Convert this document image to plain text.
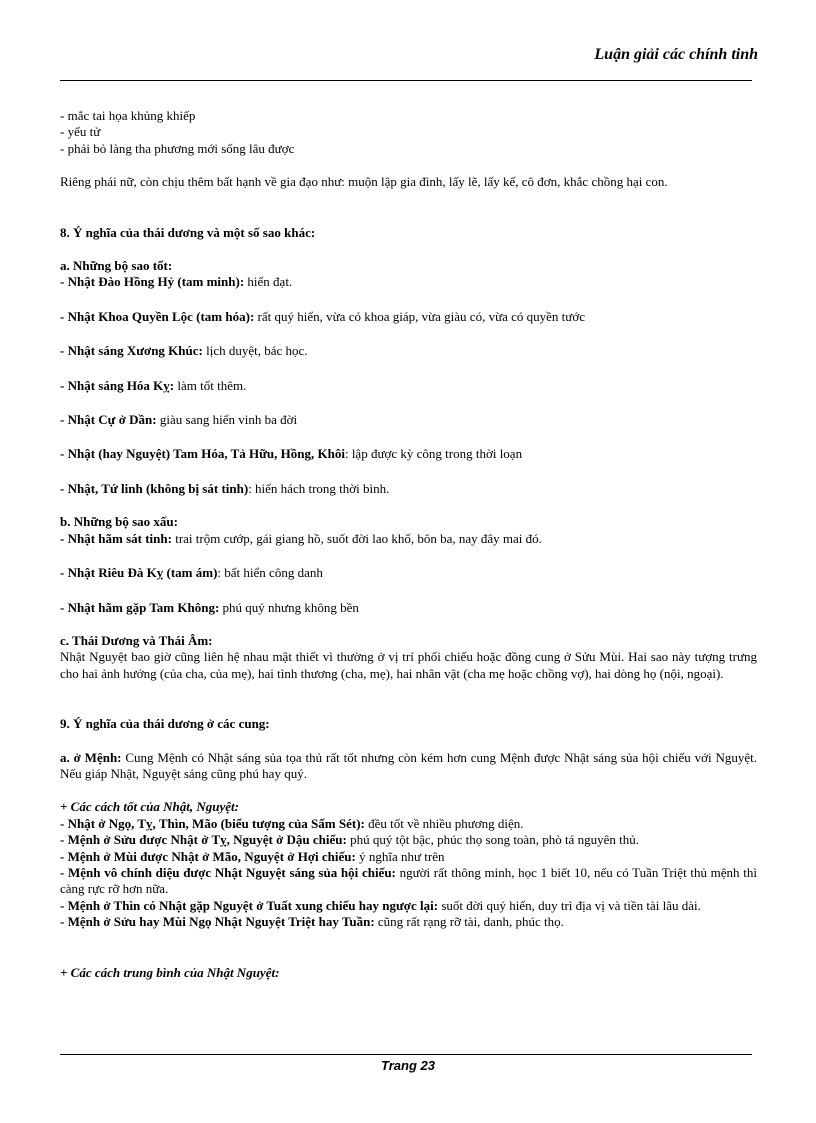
Luận giải các chính tinh

- mắc tai họa khủng khiếp

- yếu tử

- phải bỏ làng tha phương mới sống lâu được

Riêng phái nữ, còn chịu thêm bất hạnh về gia đạo như: muộn lập gia đình, lấy lẽ, lấy kế, cô đơn, khắc chồng hại con.

8. Ý nghĩa của thái dương và một số sao khác:

a. Những bộ sao tốt:

- Nhật Đào Hồng Hỷ (tam minh): hiển đạt.

- Nhật Khoa Quyền Lộc (tam hóa): rất quý hiển, vừa có khoa giáp, vừa giàu có, vừa có quyền tước

- Nhật sáng Xương Khúc: lịch duyệt, bác học.

- Nhật sáng Hóa Kỵ: làm tốt thêm.

- Nhật Cự ở Dần: giàu sang hiển vinh ba đời

- Nhật (hay Nguyệt) Tam Hóa, Tả Hữu, Hồng, Khôi: lập được kỳ công trong thời loạn

- Nhật, Tứ linh (không bị sát tinh): hiển hách trong thời bình.

b. Những bộ sao xấu:

- Nhật hãm sát tinh: trai trộm cướp, gái giang hồ, suốt đời lao khổ, bôn ba, nay đây mai đó.

- Nhật Riêu Đà Kỵ (tam ám): bất hiển công danh

- Nhật hãm gặp Tam Không: phú quý nhưng không bền

c. Thái Dương và Thái Âm:

Nhật Nguyệt bao giờ cũng liên hệ nhau mật thiết vì thường ở vị trí phối chiếu hoặc đồng cung ở Sửu Mùi. Hai sao này tượng trưng cho hai ảnh hưởng (của cha, của mẹ), hai tình thương (cha, mẹ), hai nhân vật (cha mẹ hoặc chồng vợ), hai dòng họ (nội, ngoại).

9. Ý nghĩa của thái dương ở các cung:

a. ở Mệnh: Cung Mệnh có Nhật sáng sủa tọa thủ rất tốt nhưng còn kém hơn cung Mệnh được Nhật sáng sủa hội chiếu với Nguyệt. Nếu giáp Nhật, Nguyệt sáng cũng phú hay quý.

+ Các cách tốt của Nhật, Nguyệt:

- Nhật ở Ngọ, Tỵ, Thìn, Mão (biểu tượng của Sấm Sét): đều tốt về nhiều phương diện.

- Mệnh ở Sửu được Nhật ở Tỵ, Nguyệt ở Dậu chiếu: phú quý tột bậc, phúc thọ song toàn, phò tá nguyên thủ.

- Mệnh ở Mùi được Nhật ở Mão, Nguyệt ở Hợi chiếu: ý nghĩa như trên

- Mệnh vô chính diệu được Nhật Nguyệt sáng sủa hội chiếu: người rất thông minh, học 1 biết 10, nếu có Tuần Triệt thủ mệnh thì càng rực rỡ hơn nữa.

- Mệnh ở Thìn có Nhật gặp Nguyệt ở Tuất xung chiếu hay ngược lại: suốt đời quý hiển, duy trì địa vị và tiền tài lâu dài.

- Mệnh ở Sửu hay Mùi Ngọ Nhật Nguyệt Triệt hay Tuần: cũng rất rạng rỡ tài, danh, phúc thọ.

+ Các cách trung bình của Nhật Nguyệt:

Trang 23
